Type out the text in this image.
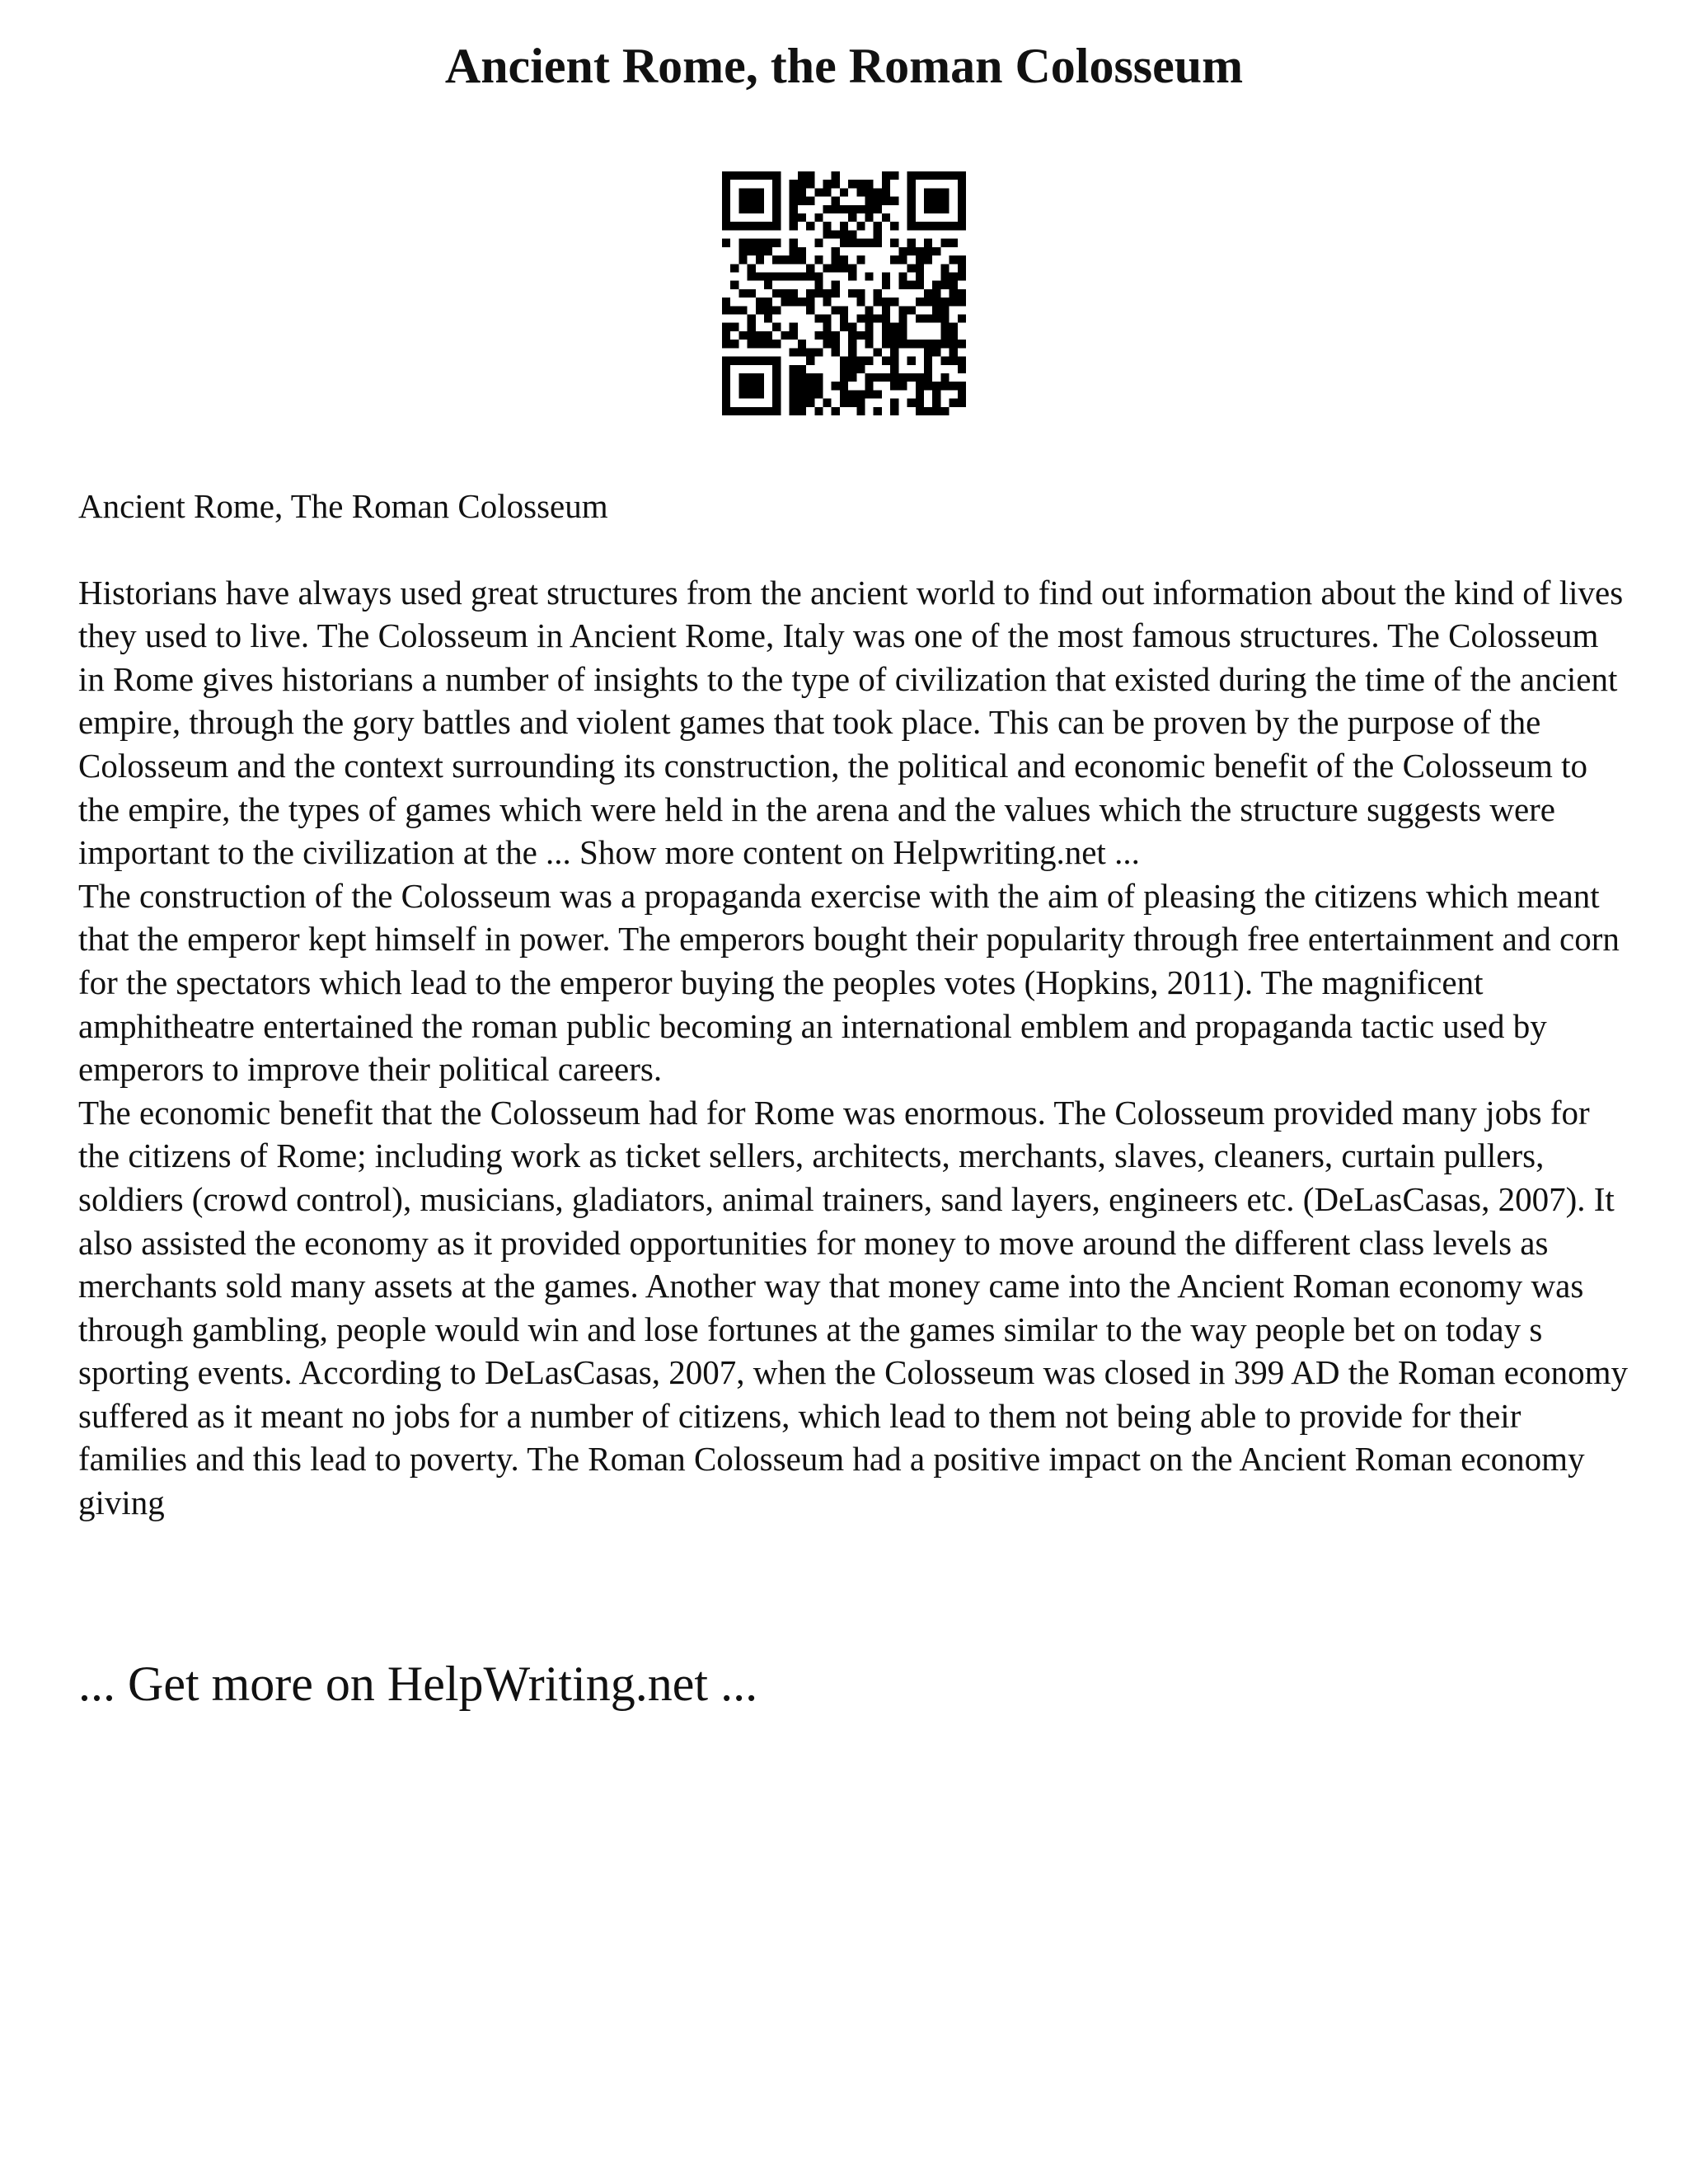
Ancient Rome, the Roman Colosseum

Ancient Rome, The Roman Colosseum

Historians have always used great structures from the ancient world to find out information about the kind of lives they used to live. The Colosseum in Ancient Rome, Italy was one of the most famous structures. The Colosseum in Rome gives historians a number of insights to the type of civilization that existed during the time of the ancient empire, through the gory battles and violent games that took place. This can be proven by the purpose of the Colosseum and the context surrounding its construction, the political and economic benefit of the Colosseum to the empire, the types of games which were held in the arena and the values which the structure suggests were important to the civilization at the ... Show more content on Helpwriting.net ...

The construction of the Colosseum was a propaganda exercise with the aim of pleasing the citizens which meant that the emperor kept himself in power. The emperors bought their popularity through free entertainment and corn for the spectators which lead to the emperor buying the peoples votes (Hopkins, 2011). The magnificent amphitheatre entertained the roman public becoming an international emblem and propaganda tactic used by emperors to improve their political careers.

The economic benefit that the Colosseum had for Rome was enormous. The Colosseum provided many jobs for the citizens of Rome; including work as ticket sellers, architects, merchants, slaves, cleaners, curtain pullers, soldiers (crowd control), musicians, gladiators, animal trainers, sand layers, engineers etc. (DeLasCasas, 2007). It also assisted the economy as it provided opportunities for money to move around the different class levels as merchants sold many assets at the games. Another way that money came into the Ancient Roman economy was through gambling, people would win and lose fortunes at the games similar to the way people bet on today s sporting events. According to DeLasCasas, 2007, when the Colosseum was closed in 399 AD the Roman economy suffered as it meant no jobs for a number of citizens, which lead to them not being able to provide for their families and this lead to poverty. The Roman Colosseum had a positive impact on the Ancient Roman economy giving

... Get more on HelpWriting.net ...
